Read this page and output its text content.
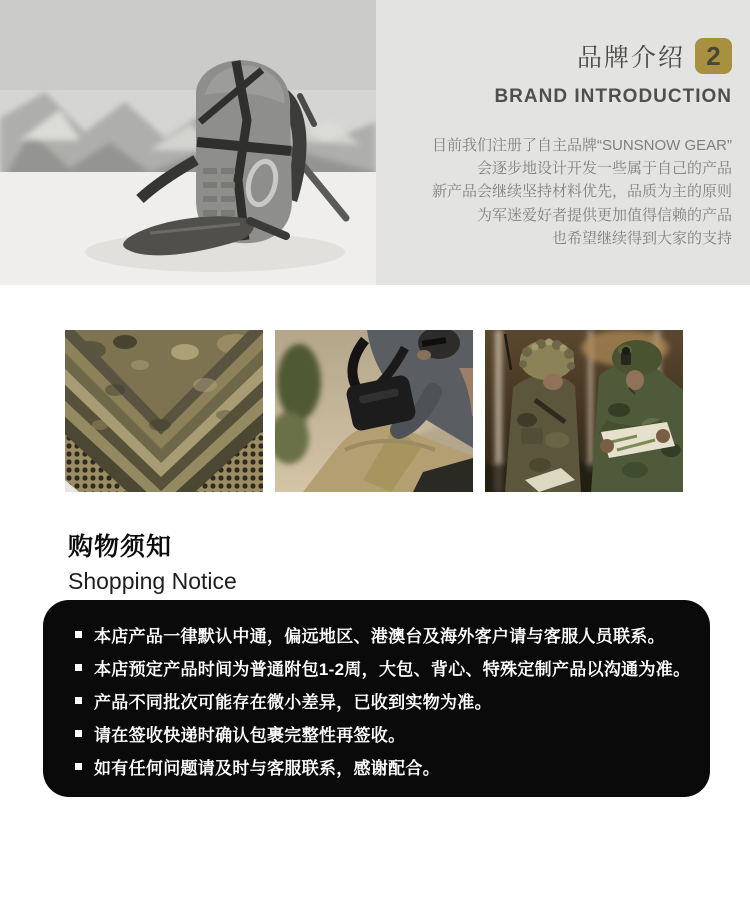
品牌介绍 2
BRAND INTRODUCTION

目前我们注册了自主品牌“SUNSNOW GEAR”

会逐步地设计开发一些属于自己的产品

新产品会继续坚持材料优先，品质为主的原则

为军迷爱好者提供更加值得信赖的产品

也希望继续得到大家的支持

购物须知
Shopping Notice
本店产品一律默认中通，偏远地区、港澳台及海外客户请与客服人员联系。
本店预定产品时间为普通附包1-2周，大包、背心、特殊定制产品以沟通为准。
产品不同批次可能存在微小差异，已收到实物为准。
请在签收快递时确认包裹完整性再签收。
如有任何问题请及时与客服联系，感谢配合。
